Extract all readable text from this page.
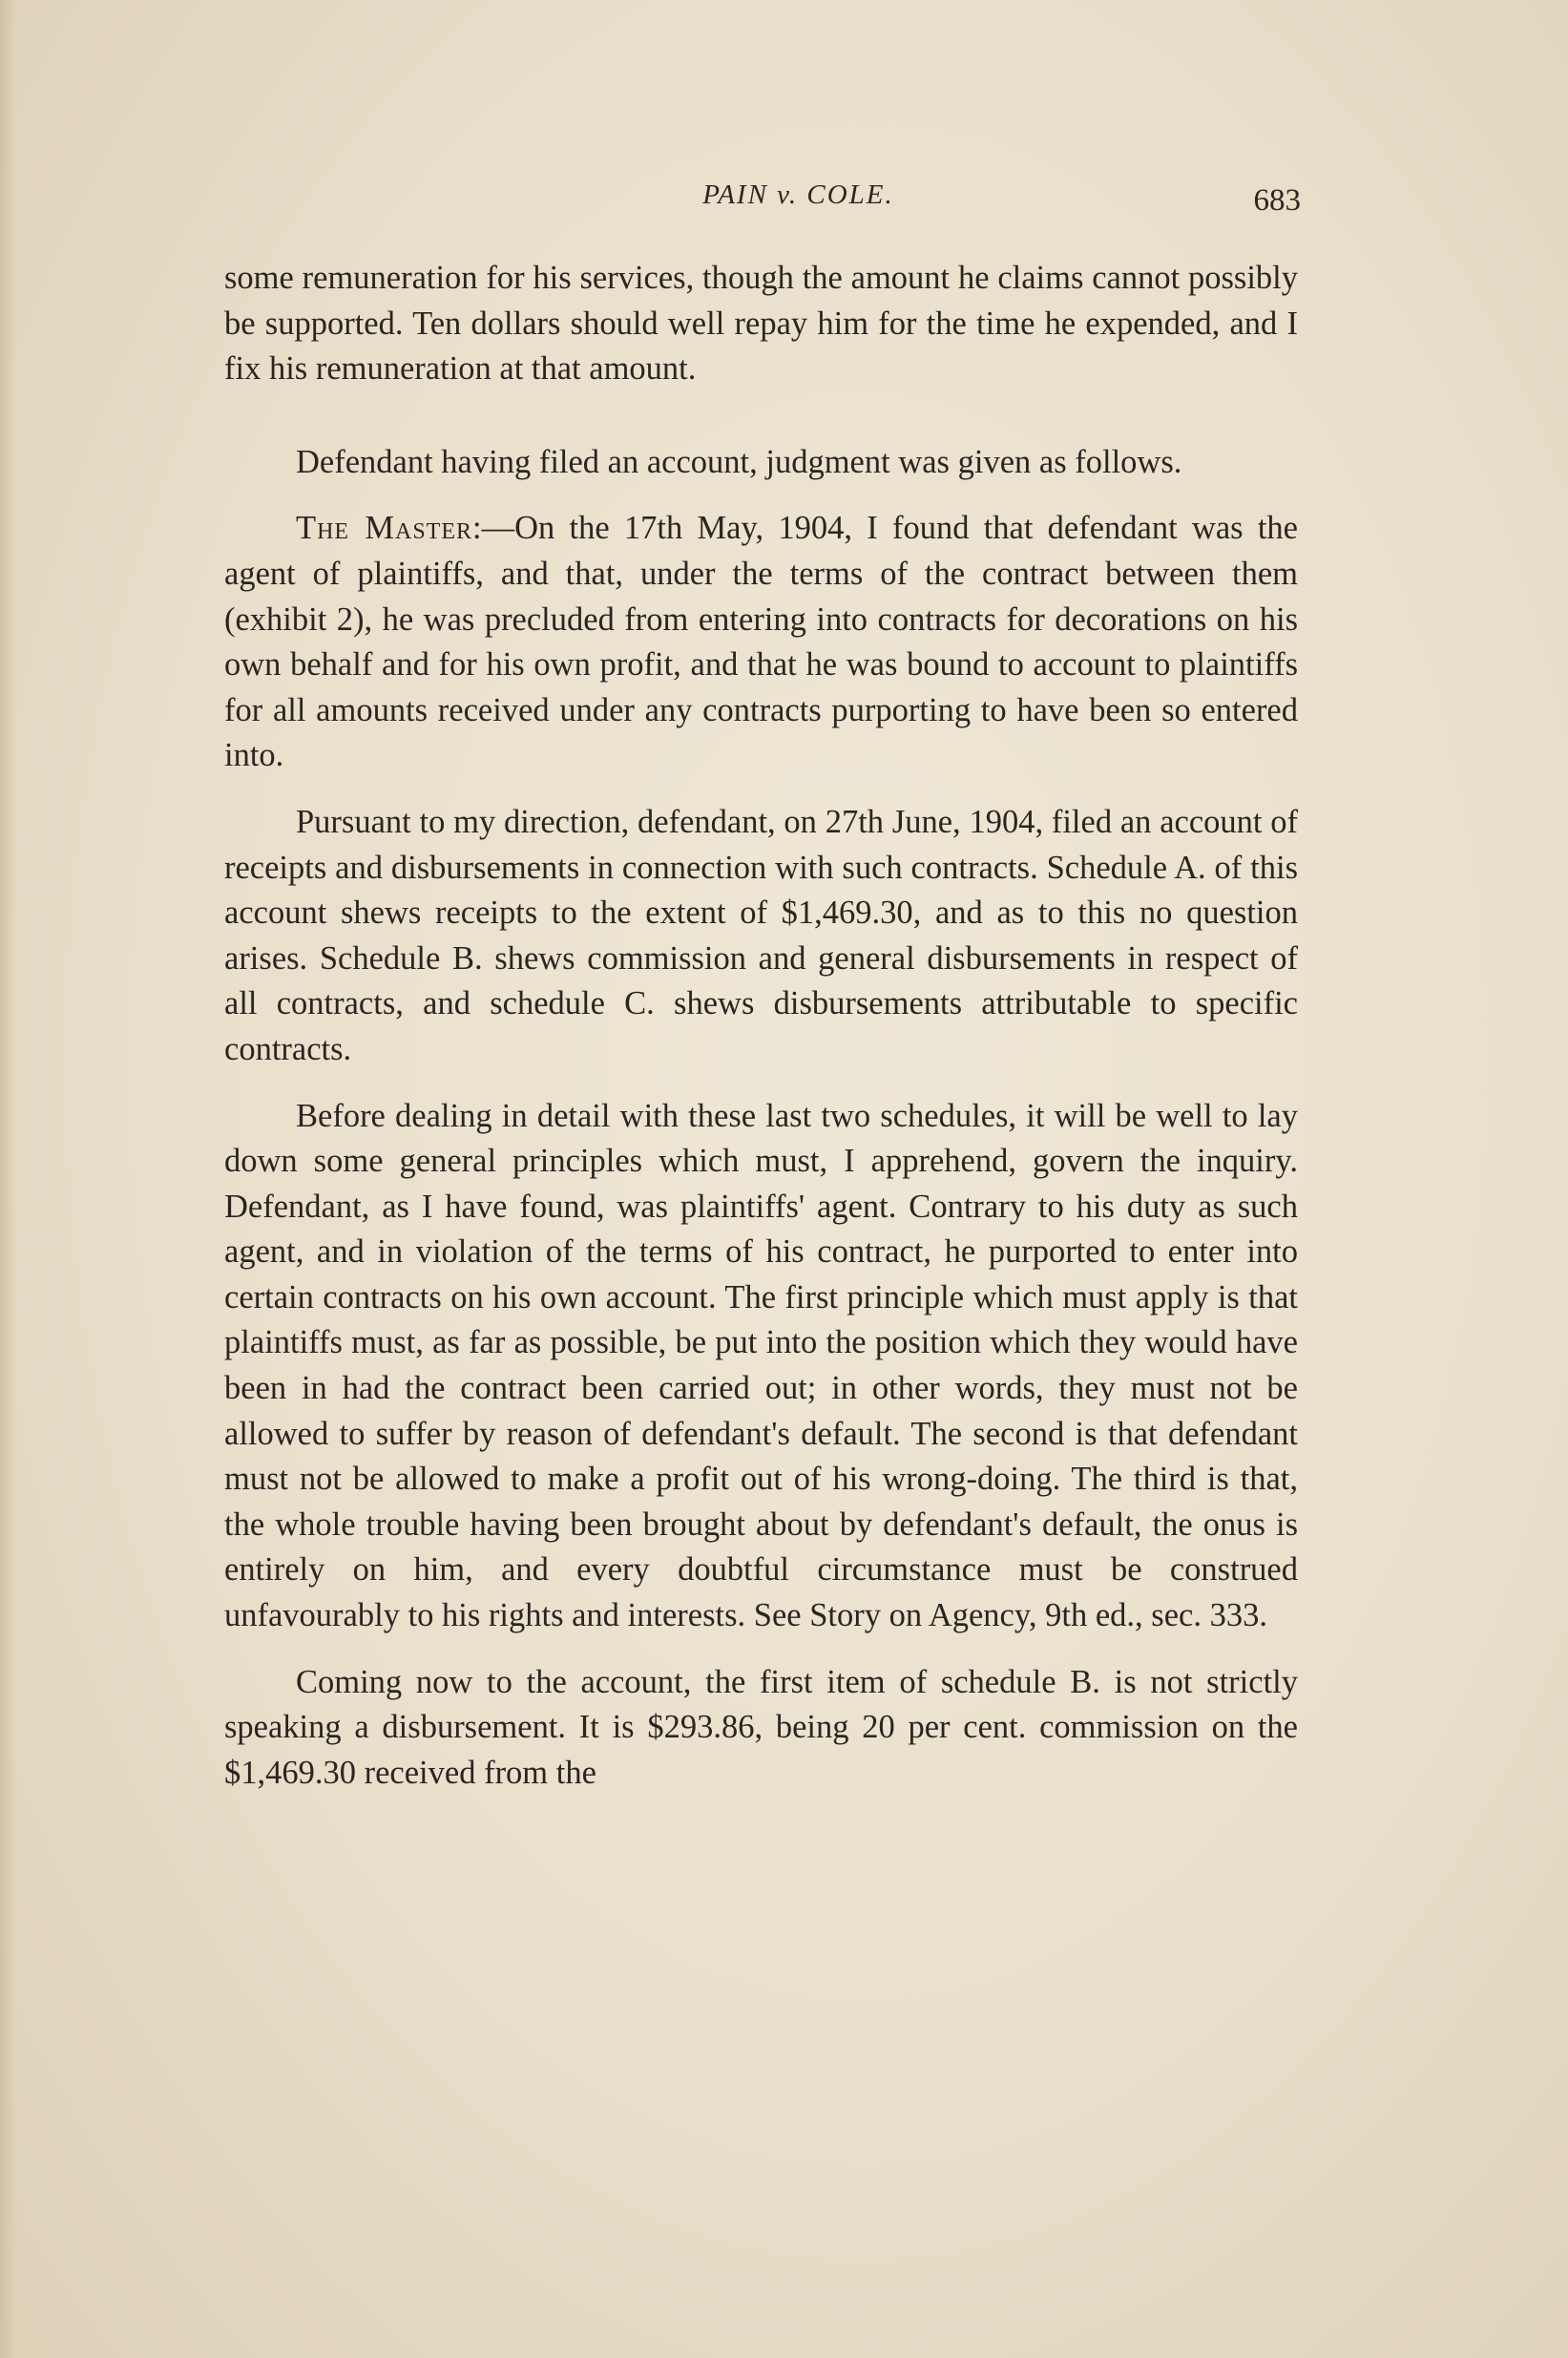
PAIN v. COLE.	683

some remuneration for his services, though the amount he claims cannot possibly be supported. Ten dollars should well repay him for the time he expended, and I fix his remuneration at that amount.

Defendant having filed an account, judgment was given as follows.

The Master:—On the 17th May, 1904, I found that defendant was the agent of plaintiffs, and that, under the terms of the contract between them (exhibit 2), he was precluded from entering into contracts for decorations on his own behalf and for his own profit, and that he was bound to account to plaintiffs for all amounts received under any contracts purporting to have been so entered into.

Pursuant to my direction, defendant, on 27th June, 1904, filed an account of receipts and disbursements in connection with such contracts. Schedule A. of this account shews receipts to the extent of $1,469.30, and as to this no question arises. Schedule B. shews commission and general disbursements in respect of all contracts, and schedule C. shews disbursements attributable to specific contracts.

Before dealing in detail with these last two schedules, it will be well to lay down some general principles which must, I apprehend, govern the inquiry. Defendant, as I have found, was plaintiffs' agent. Contrary to his duty as such agent, and in violation of the terms of his contract, he purported to enter into certain contracts on his own account. The first principle which must apply is that plaintiffs must, as far as possible, be put into the position which they would have been in had the contract been carried out; in other words, they must not be allowed to suffer by reason of defendant's default. The second is that defendant must not be allowed to make a profit out of his wrong-doing. The third is that, the whole trouble having been brought about by defendant's default, the onus is entirely on him, and every doubtful circumstance must be construed unfavourably to his rights and interests. See Story on Agency, 9th ed., sec. 333.

Coming now to the account, the first item of schedule B. is not strictly speaking a disbursement. It is $293.86, being 20 per cent. commission on the $1,469.30 received from the
